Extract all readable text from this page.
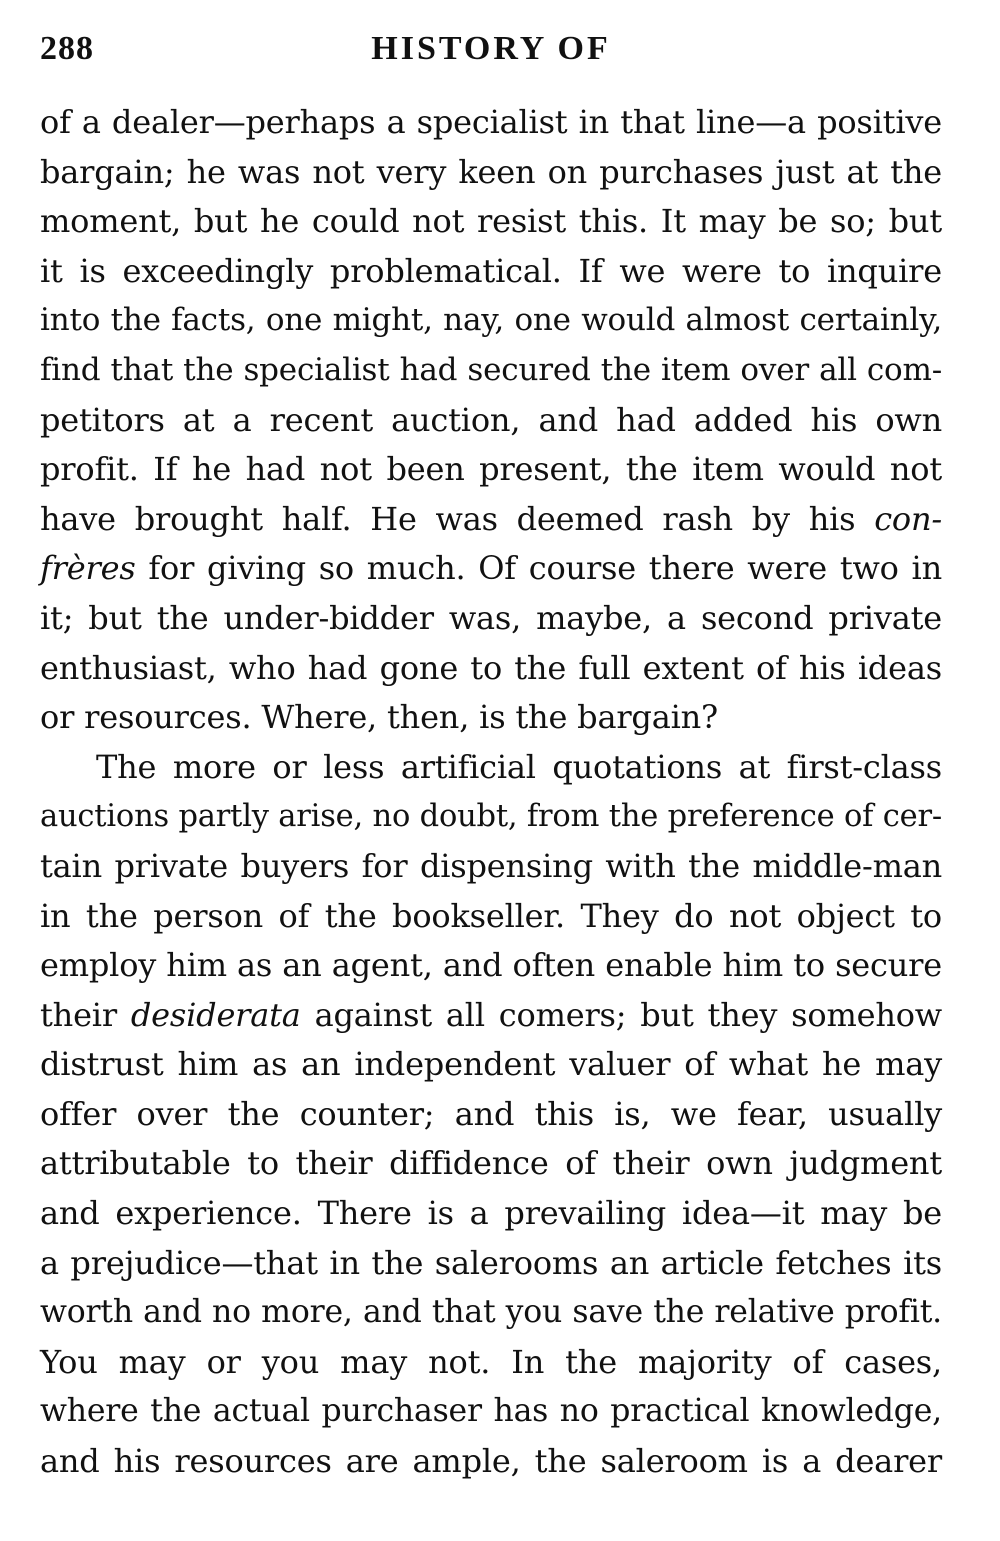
288	HISTORY OF
of a dealer—perhaps a specialist in that line—a positive
bargain; he was not very keen on purchases just at the
moment, but he could not resist this. It may be so; but
it is exceedingly problematical. If we were to inquire
into the facts, one might, nay, one would almost certainly,
find that the specialist had secured the item over all com-
petitors at a recent auction, and had added his own
profit. If he had not been present, the item would not
have brought half. He was deemed rash by his con-
frères for giving so much. Of course there were two in
it; but the under-bidder was, maybe, a second private
enthusiast, who had gone to the full extent of his ideas
or resources. Where, then, is the bargain?
The more or less artificial quotations at first-class
auctions partly arise, no doubt, from the preference of cer-
tain private buyers for dispensing with the middle-man
in the person of the bookseller. They do not object to
employ him as an agent, and often enable him to secure
their desiderata against all comers; but they somehow
distrust him as an independent valuer of what he may
offer over the counter; and this is, we fear, usually
attributable to their diffidence of their own judgment
and experience. There is a prevailing idea—it may be
a prejudice—that in the salerooms an article fetches its
worth and no more, and that you save the relative profit.
You may or you may not. In the majority of cases,
where the actual purchaser has no practical knowledge,
and his resources are ample, the saleroom is a dearer
